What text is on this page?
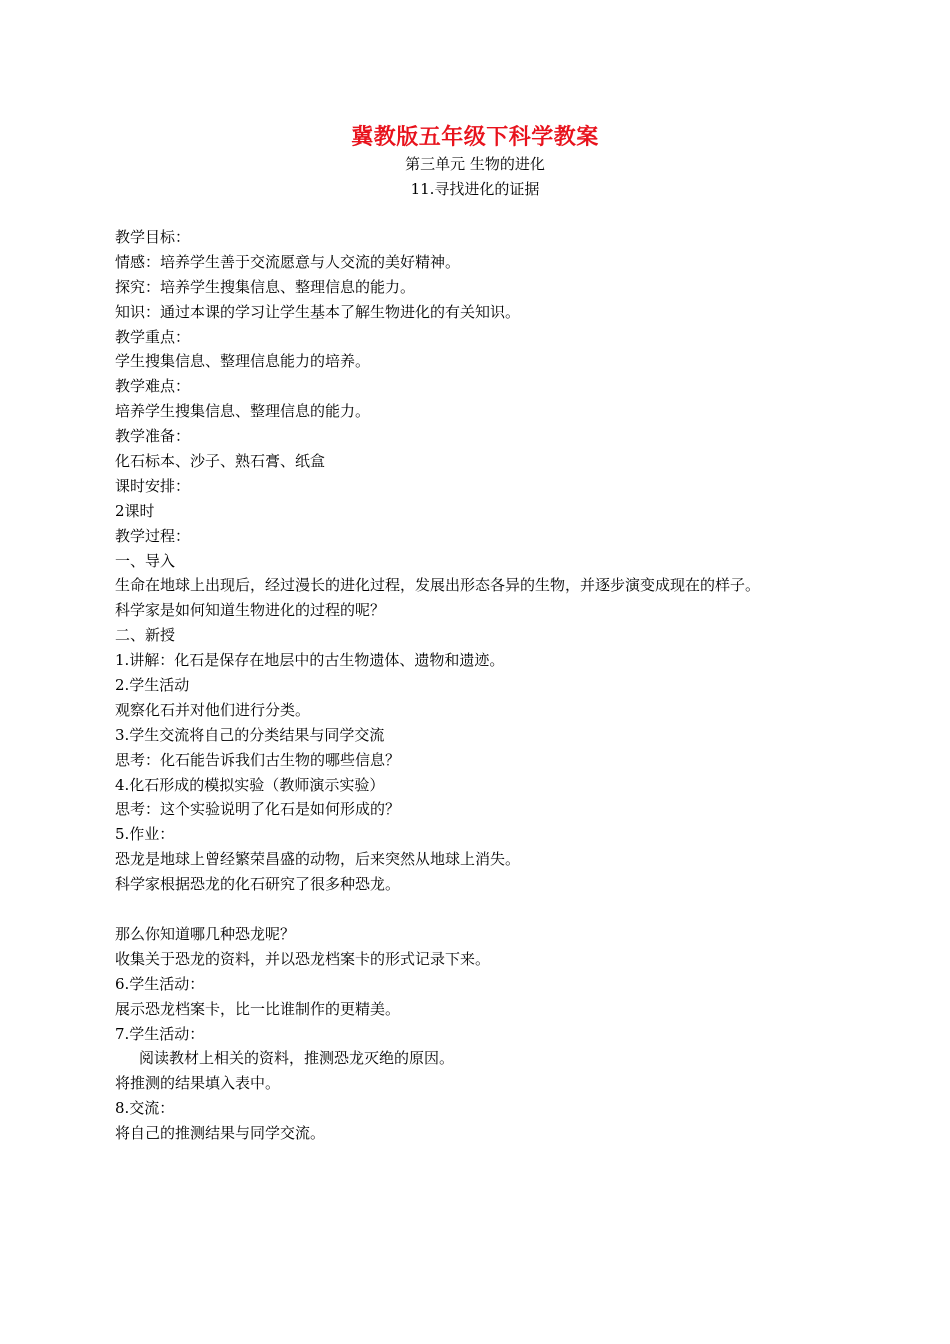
冀教版五年级下科学教案
第三单元 生物的进化
11.寻找进化的证据
教学目标：
情感：培养学生善于交流愿意与人交流的美好精神。
探究：培养学生搜集信息、整理信息的能力。
知识：通过本课的学习让学生基本了解生物进化的有关知识。
教学重点：
学生搜集信息、整理信息能力的培养。
教学难点：
培养学生搜集信息、整理信息的能力。
教学准备：
化石标本、沙子、熟石膏、纸盒
课时安排：
2课时
教学过程：
一、导入
生命在地球上出现后，经过漫长的进化过程，发展出形态各异的生物，并逐步演变成现在的样子。
科学家是如何知道生物进化的过程的呢？
二、新授
1.讲解：化石是保存在地层中的古生物遗体、遗物和遗迹。
2.学生活动
观察化石并对他们进行分类。
3.学生交流将自己的分类结果与同学交流
思考：化石能告诉我们古生物的哪些信息？
4.化石形成的模拟实验（教师演示实验）
思考：这个实验说明了化石是如何形成的？
5.作业：
恐龙是地球上曾经繁荣昌盛的动物，后来突然从地球上消失。
科学家根据恐龙的化石研究了很多种恐龙。
那么你知道哪几种恐龙呢？
收集关于恐龙的资料，并以恐龙档案卡的形式记录下来。
6.学生活动：
展示恐龙档案卡，比一比谁制作的更精美。
7.学生活动：
阅读教材上相关的资料，推测恐龙灭绝的原因。
将推测的结果填入表中。
8.交流：
将自己的推测结果与同学交流。
